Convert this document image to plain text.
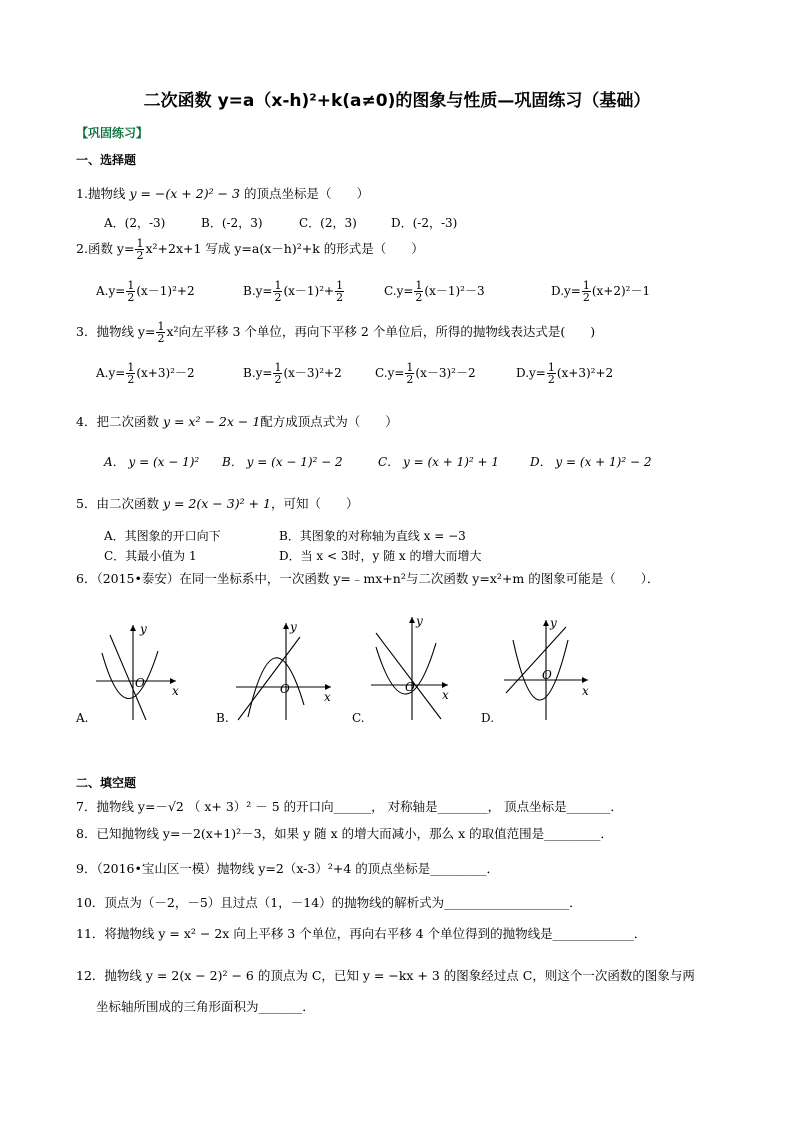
二次函数 y=a（x-h)²+k(a≠0)的图象与性质—巩固练习（基础）
【巩固练习】
一、选择题
1.抛物线 y = −(x + 2)² − 3 的顶点坐标是（　　）
A．(2，-3)	B．(-2，3)	C．(2，3)	D．(-2，-3)
2.函数 $y= \frac{1}{2} x^2+2x+1$ 写成 y=a(x－h)²+k 的形式是（　　）
$A.y= \frac{1}{2} (x-1)^2+2$	$B.y= \frac{1}{2} (x-1)^2+ \frac{1}{2}$	$C.y= \frac{1}{2} (x-1)^2-3$	$D.y= \frac{1}{2} (x+2)^2-1$
3．抛物线 $y= \frac{1}{2} x^2$向左平移 3 个单位，再向下平移 2 个单位后，所得的抛物线表达式是(　　)
$A.y= \frac{1}{2} (x+3)^2-2$	$B.y= \frac{1}{2} (x-3)^2+2$	$C.y= \frac{1}{2} (x-3)^2-2$	$D.y= \frac{1}{2} (x+3)^2+2$
4．把二次函数 y = x² − 2x − 1配方成顶点式为（　　）
A． y = (x − 1)² B． y = (x − 1)² − 2	C． y = (x + 1)² + 1	D． y = (x + 1)² − 2
5．由二次函数 y = 2(x − 3)² + 1，可知（　　）
A．其图象的开口向下	B．其图象的对称轴为直线 x = −3
C．其最小值为 1	D．当 x < 3时，y 随 x 的增大而增大
6．（2015•泰安）在同一坐标系中，一次函数 y=﹣mx+n²与二次函数 y=x²+m 的图象可能是（　　）．
y
x
O
y
x
O
y
x
O
y
x
O
A.	B.	C.	D.
二、填空题
7．抛物线 y=－√2 （ x+ 3）² － 5 的开口向______， 对称轴是________， 顶点坐标是_______．
8．已知抛物线 y=－2(x+1)²－3，如果 y 随 x 的增大而减小，那么 x 的取值范围是_________．
9．（2016•宝山区一模）抛物线 y=2（x-3）²+4 的顶点坐标是_________．
10．顶点为（－2，－5）且过点（1，－14）的抛物线的解析式为____________________．
11．将抛物线 y = x² − 2x 向上平移 3 个单位，再向右平移 4 个单位得到的抛物线是_____________．
12．抛物线 y = 2(x − 2)² − 6 的顶点为 C，已知 y = −kx + 3 的图象经过点 C，则这个一次函数的图象与两
坐标轴所围成的三角形面积为_______．
